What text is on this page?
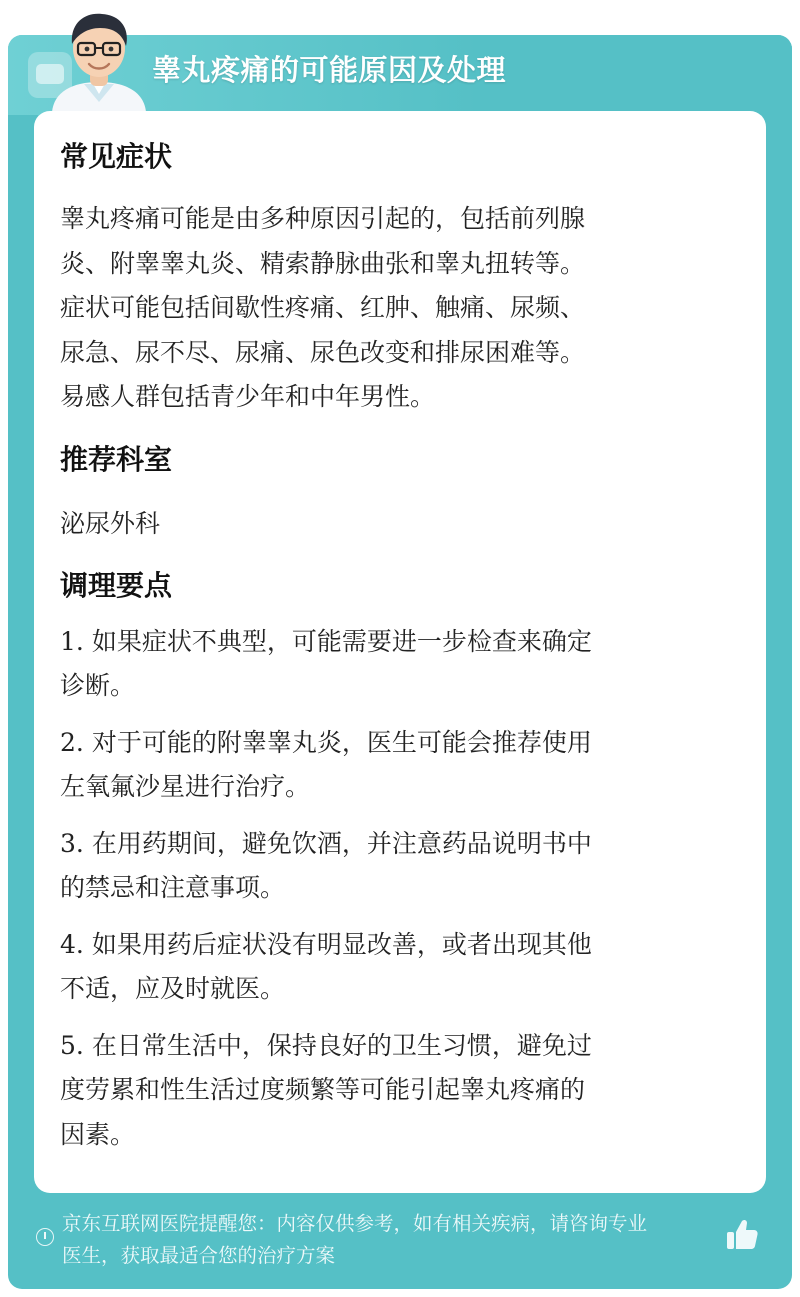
睾丸疼痛的可能原因及处理
常见症状

睾丸疼痛可能是由多种原因引起的，包括前列腺
炎、附睾睾丸炎、精索静脉曲张和睾丸扭转等。
症状可能包括间歇性疼痛、红肿、触痛、尿频、
尿急、尿不尽、尿痛、尿色改变和排尿困难等。
易感人群包括青少年和中年男性。

推荐科室

泌尿外科

调理要点

1. 如果症状不典型，可能需要进一步检查来确定
诊断。

2. 对于可能的附睾睾丸炎，医生可能会推荐使用
左氧氟沙星进行治疗。

3. 在用药期间，避免饮酒，并注意药品说明书中
的禁忌和注意事项。

4. 如果用药后症状没有明显改善，或者出现其他
不适，应及时就医。

5. 在日常生活中，保持良好的卫生习惯，避免过
度劳累和性生活过度频繁等可能引起睾丸疼痛的
因素。

京东互联网医院提醒您：内容仅供参考，如有相关疾病，请咨询专业
医生，获取最适合您的治疗方案
